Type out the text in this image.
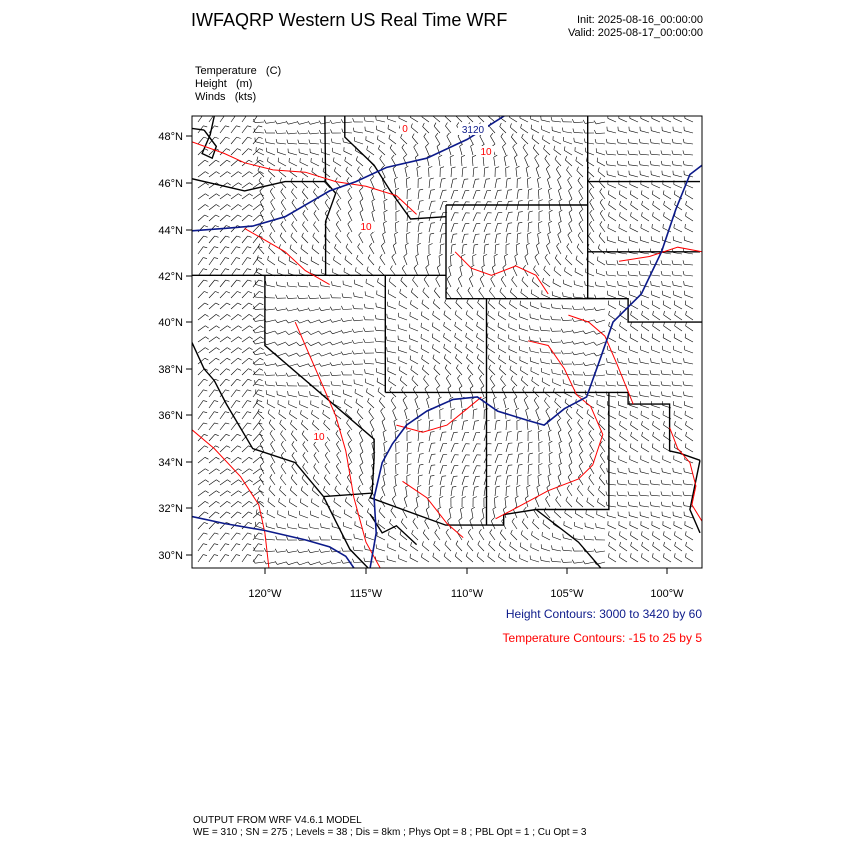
IWFAQRP Western US Real Time WRF	Init: 2025-08-16_00:00:00
Valid: 2025-08-17_00:00:00
Temperature   (C)
Height   (m)
Winds   (kts)
48°N
46°N
44°N
42°N
40°N
38°N
36°N
34°N
32°N
30°N
120°W	115°W	110°W	105°W	100°W
3120
10
10
10
0
Height Contours: 3000 to 3420 by 60
Temperature Contours: -15 to 25 by 5
OUTPUT FROM WRF V4.6.1 MODEL
WE = 310 ; SN = 275 ; Levels = 38 ; Dis = 8km ; Phys Opt = 8 ; PBL Opt = 1 ; Cu Opt = 3
